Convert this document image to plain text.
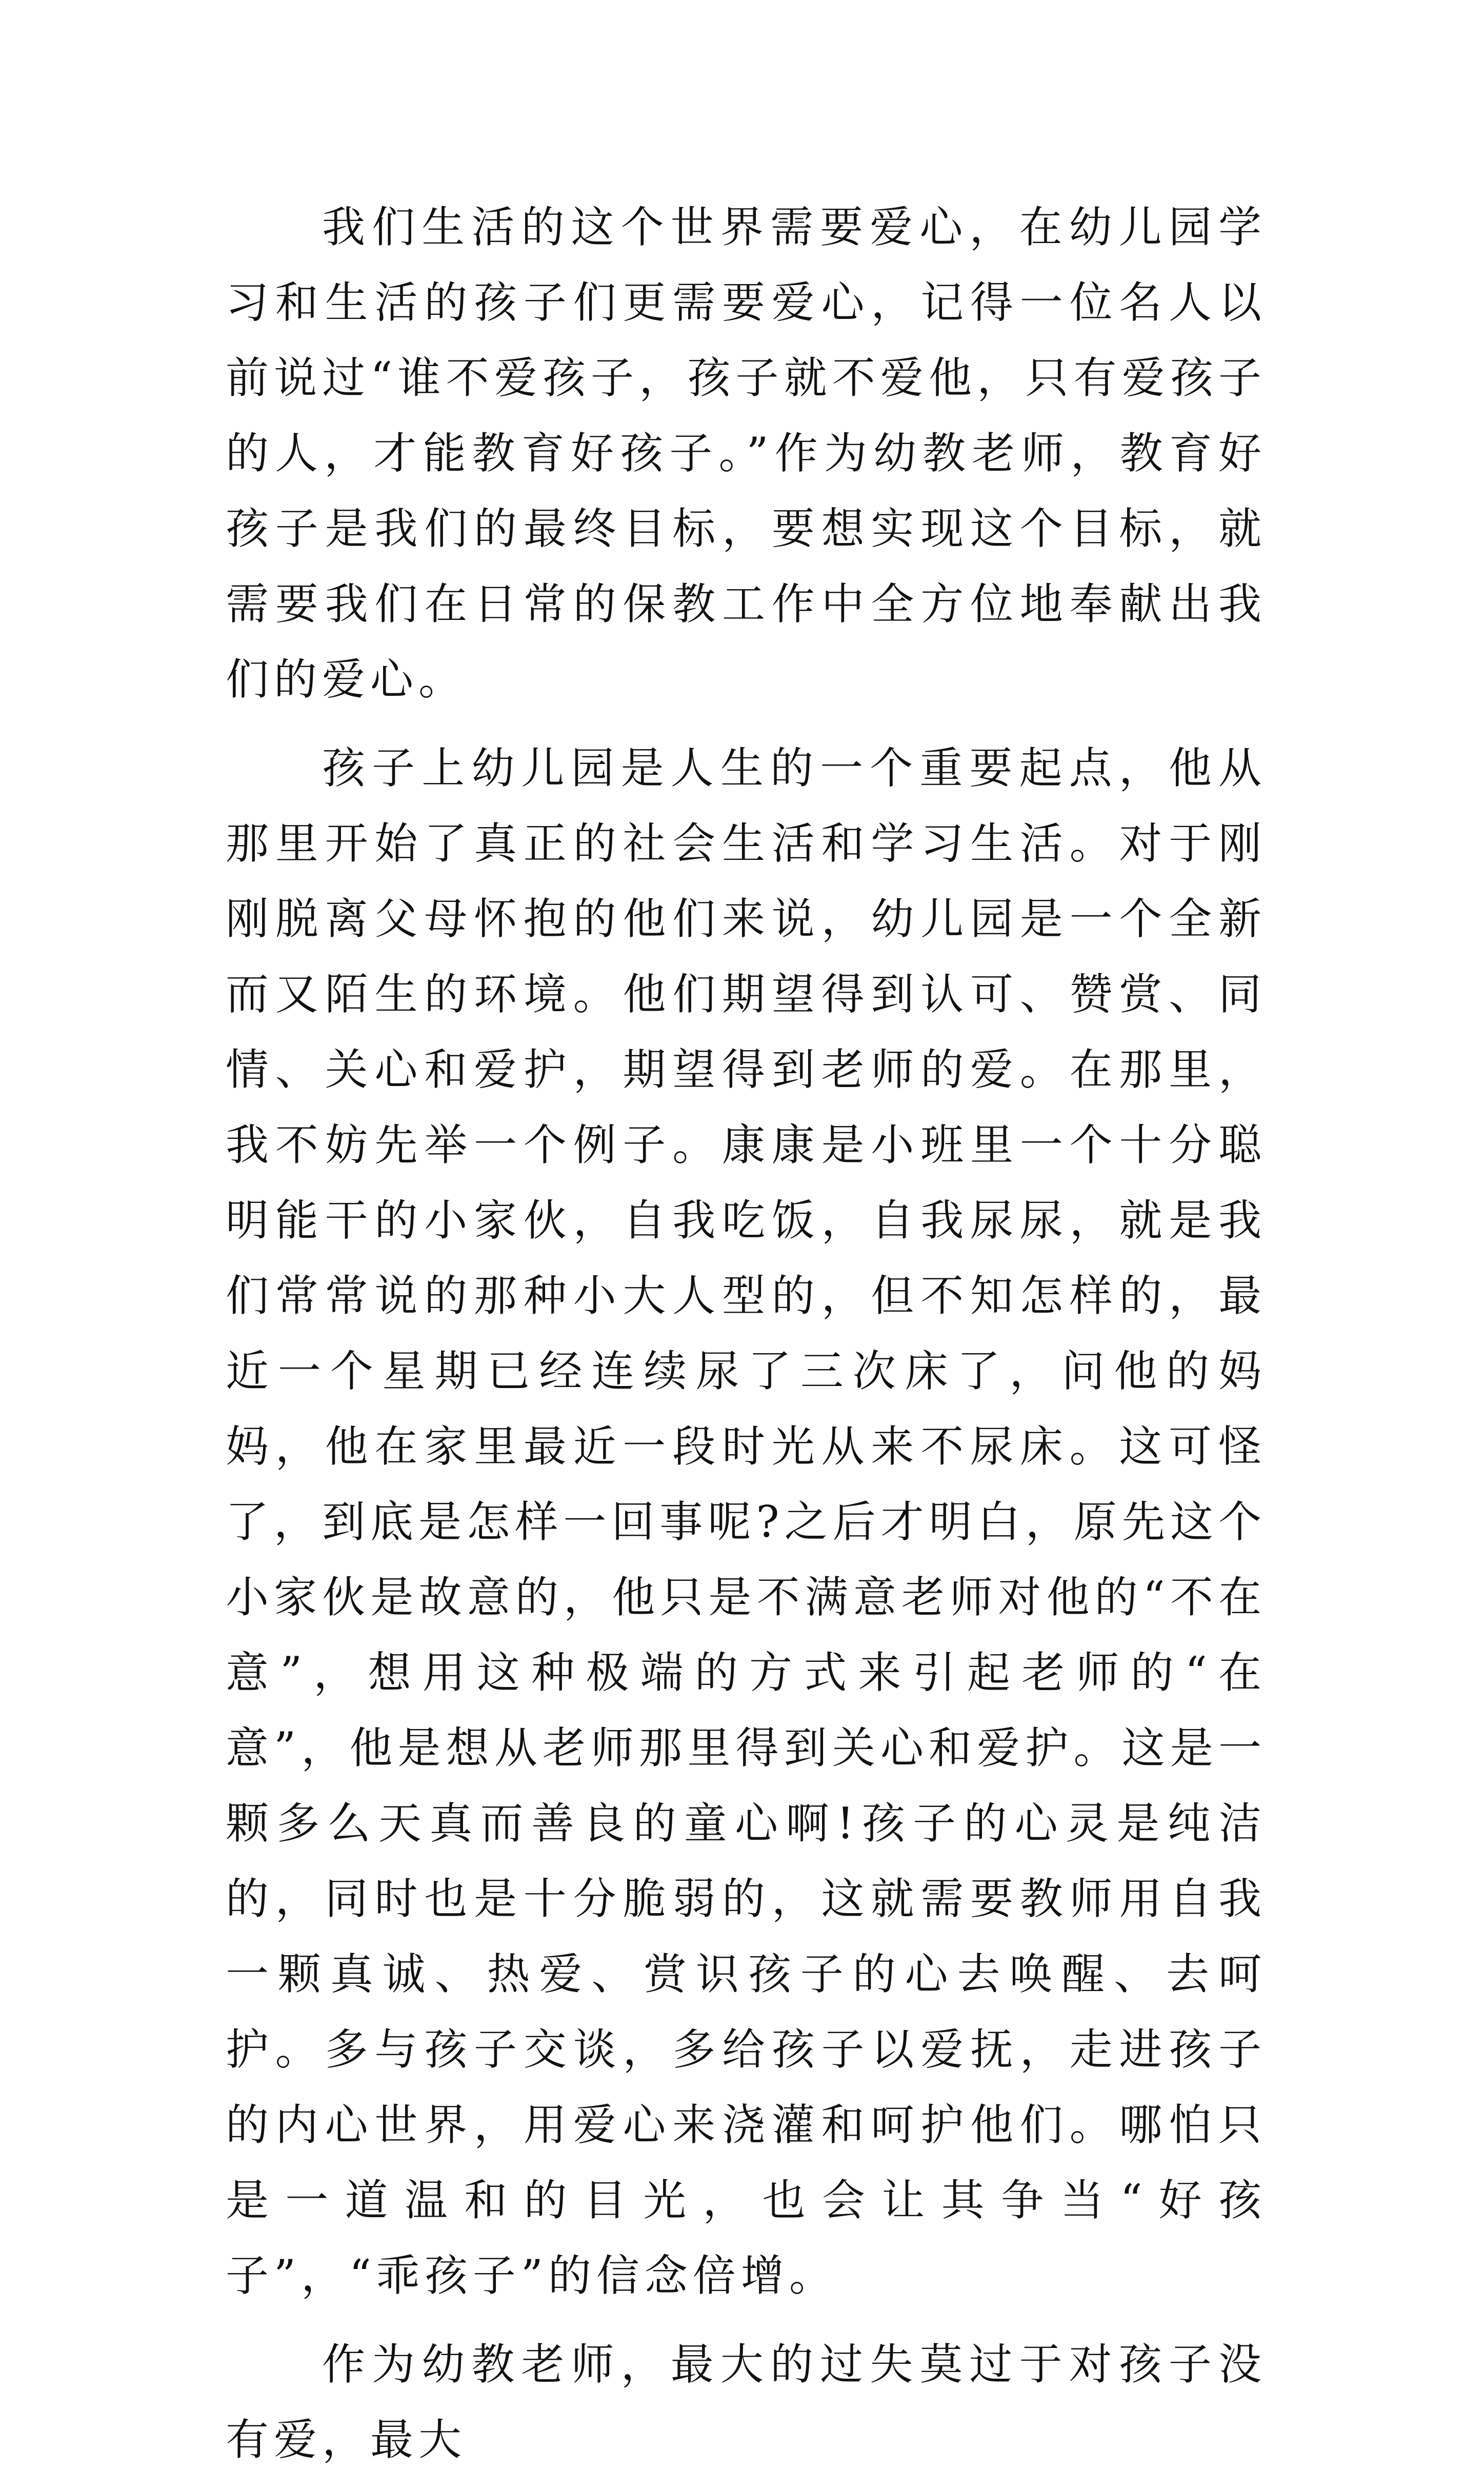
我们生活的这个世界需要爱心，在幼儿园学习和生活的孩子们更需要爱心，记得一位名人以前说过“谁不爱孩子，孩子就不爱他，只有爱孩子的人，才能教育好孩子。”作为幼教老师，教育好孩子是我们的最终目标，要想实现这个目标，就需要我们在日常的保教工作中全方位地奉献出我们的爱心。

孩子上幼儿园是人生的一个重要起点，他从那里开始了真正的社会生活和学习生活。对于刚刚脱离父母怀抱的他们来说，幼儿园是一个全新而又陌生的环境。他们期望得到认可、赞赏、同情、关心和爱护，期望得到老师的爱。在那里，我不妨先举一个例子。康康是小班里一个十分聪明能干的小家伙，自我吃饭，自我尿尿，就是我们常常说的那种小大人型的，但不知怎样的，最近一个星期已经连续尿了三次床了，问他的妈妈，他在家里最近一段时光从来不尿床。这可怪了，到底是怎样一回事呢?之后才明白，原先这个小家伙是故意的，他只是不满意老师对他的“不在意”，想用这种极端的方式来引起老师的“在意”，他是想从老师那里得到关心和爱护。这是一颗多么天真而善良的童心啊!孩子的心灵是纯洁的，同时也是十分脆弱的，这就需要教师用自我一颗真诚、热爱、赏识孩子的心去唤醒、去呵护。多与孩子交谈，多给孩子以爱抚，走进孩子的内心世界，用爱心来浇灌和呵护他们。哪怕只是一道温和的目光，也会让其争当“好孩子”，“乖孩子”的信念倍增。

作为幼教老师，最大的过失莫过于对孩子没有爱，最大
